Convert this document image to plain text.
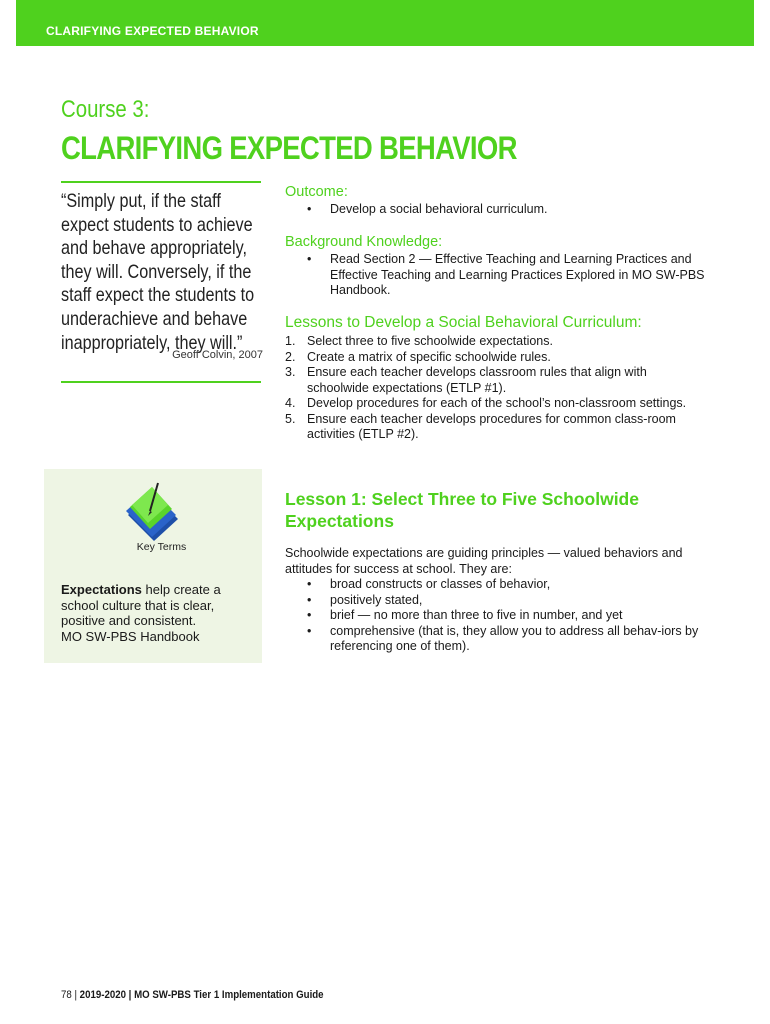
CLARIFYING EXPECTED BEHAVIOR
Course 3:
CLARIFYING EXPECTED BEHAVIOR
“Simply put, if the staff expect students to achieve and behave appropriately, they will. Conversely, if the staff expect the students to underachieve and behave inappropriately, they will.”
Geoff Colvin, 2007
Key Terms
Expectations help create a school culture that is clear, positive and consistent.
MO SW-PBS Handbook

Outcome:

• Develop a social behavioral curriculum.

Background Knowledge:

• Read Section 2 — Effective Teaching and Learning Practices and Effective Teaching and Learning Practices Explored in MO SW-PBS Handbook.

Lessons to Develop a Social Behavioral Curriculum:

1. Select three to five schoolwide expectations.
2. Create a matrix of specific schoolwide rules.
3. Ensure each teacher develops classroom rules that align with schoolwide expectations (ETLP #1).
4. Develop procedures for each of the school’s non-classroom settings.
5. Ensure each teacher develops procedures for common class-room activities (ETLP #2).

Lesson 1: Select Three to Five Schoolwide Expectations

Schoolwide expectations are guiding principles — valued behaviors and attitudes for success at school. They are:
• broad constructs or classes of behavior,
• positively stated,
• brief — no more than three to five in number, and yet
• comprehensive (that is, they allow you to address all behav-iors by referencing one of them).
78 | 2019-2020 | MO SW-PBS Tier 1 Implementation Guide
